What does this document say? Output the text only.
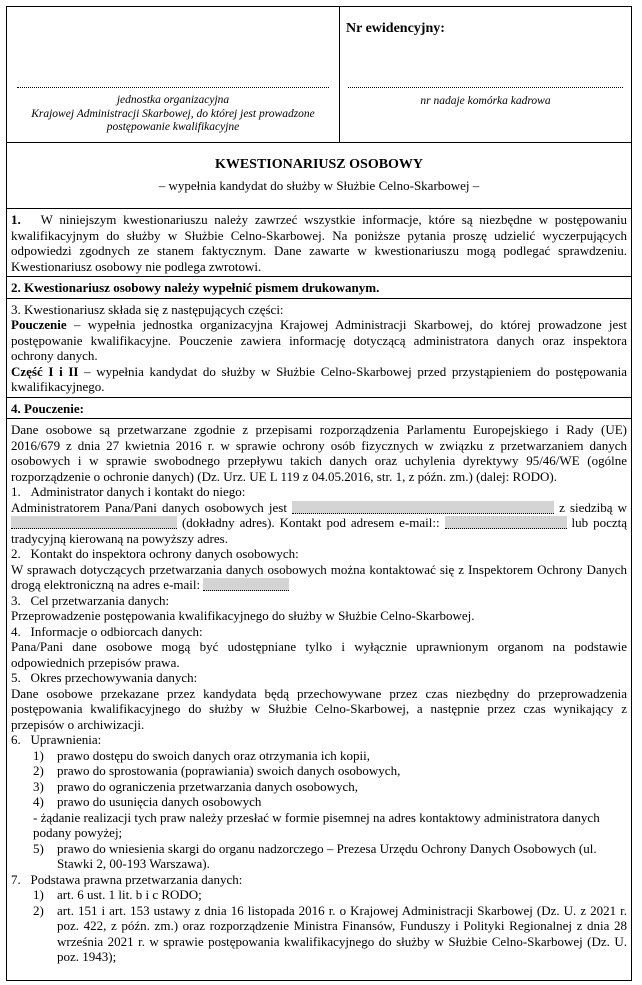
jednostka organizacyjna
Krajowej Administracji Skarbowej, do której jest prowadzone
postępowanie kwalifikacyjne
Nr ewidencyjny:
nr nadaje komórka kadrowa
KWESTIONARIUSZ OSOBOWY
– wypełnia kandydat do służby w Służbie Celno-Skarbowej –

1. W niniejszym kwestionariuszu należy zawrzeć wszystkie informacje, które są niezbędne w postępowaniu kwalifikacyjnym do służby w Służbie Celno-Skarbowej. Na poniższe pytania proszę udzielić wyczerpujących odpowiedzi zgodnych ze stanem faktycznym. Dane zawarte w kwestionariuszu mogą podlegać sprawdzeniu. Kwestionariusz osobowy nie podlega zwrotowi.

2. Kwestionariusz osobowy należy wypełnić pismem drukowanym.

3. Kwestionariusz składa się z następujących części:

Pouczenie – wypełnia jednostka organizacyjna Krajowej Administracji Skarbowej, do której prowadzone jest postępowanie kwalifikacyjne. Pouczenie zawiera informację dotyczącą administratora danych oraz inspektora ochrony danych.

Część I i II – wypełnia kandydat do służby w Służbie Celno-Skarbowej przed przystąpieniem do postępowania kwalifikacyjnego.

4. Pouczenie:

Dane osobowe są przetwarzane zgodnie z przepisami rozporządzenia Parlamentu Europejskiego i Rady (UE) 2016/679 z dnia 27 kwietnia 2016 r. w sprawie ochrony osób fizycznych w związku z przetwarzaniem danych osobowych i w sprawie swobodnego przepływu takich danych oraz uchylenia dyrektywy 95/46/WE (ogólne rozporządzenie o ochronie danych) (Dz. Urz. UE L 119 z 04.05.2016, str. 1, z późn. zm.) (dalej: RODO).

1.   Administrator danych i kontakt do niego:

Administratorem Pana/Pani danych osobowych jest	z siedzibą w  (dokładny adres). Kontakt pod adresem e-mail::	lub pocztą tradycyjną kierowaną na powyższy adres.

2.   Kontakt do inspektora ochrony danych osobowych:

W sprawach dotyczących przetwarzania danych osobowych można kontaktować się z Inspektorem Ochrony Danych drogą elektroniczną na adres e-mail:

3.   Cel przetwarzania danych:

Przeprowadzenie postępowania kwalifikacyjnego do służby w Służbie Celno-Skarbowej.

4.   Informacje o odbiorcach danych:

Pana/Pani dane osobowe mogą być udostępniane tylko i wyłącznie uprawnionym organom na podstawie odpowiednich przepisów prawa.

5.   Okres przechowywania danych:

Dane osobowe przekazane przez kandydata będą przechowywane przez czas niezbędny do przeprowadzenia postępowania kwalifikacyjnego do służby w Służbie Celno-Skarbowej, a następnie przez czas wynikający z przepisów o archiwizacji.

6.   Uprawnienia:

1)	prawo dostępu do swoich danych oraz otrzymania ich kopii,
2)	prawo do sprostowania (poprawiania) swoich danych osobowych,
3)	prawo do ograniczenia przetwarzania danych osobowych,
4)	prawo do usunięcia danych osobowych

- żądanie realizacji tych praw należy przesłać w formie pisemnej na adres kontaktowy administratora danych podany powyżej;

5)	prawo do wniesienia skargi do organu nadzorczego – Prezesa Urzędu Ochrony Danych Osobowych (ul. Stawki 2, 00-193 Warszawa).

7.   Podstawa prawna przetwarzania danych:

1)	art. 6 ust. 1 lit. b i c RODO;
2)	art. 151 i art. 153 ustawy z dnia 16 listopada 2016 r. o Krajowej Administracji Skarbowej (Dz. U. z 2021 r. poz. 422, z późn. zm.) oraz rozporządzenie Ministra Finansów, Funduszy i Polityki Regionalnej z dnia 28 września 2021 r. w sprawie postępowania kwalifikacyjnego do służby w Służbie Celno-Skarbowej (Dz. U. poz. 1943);
